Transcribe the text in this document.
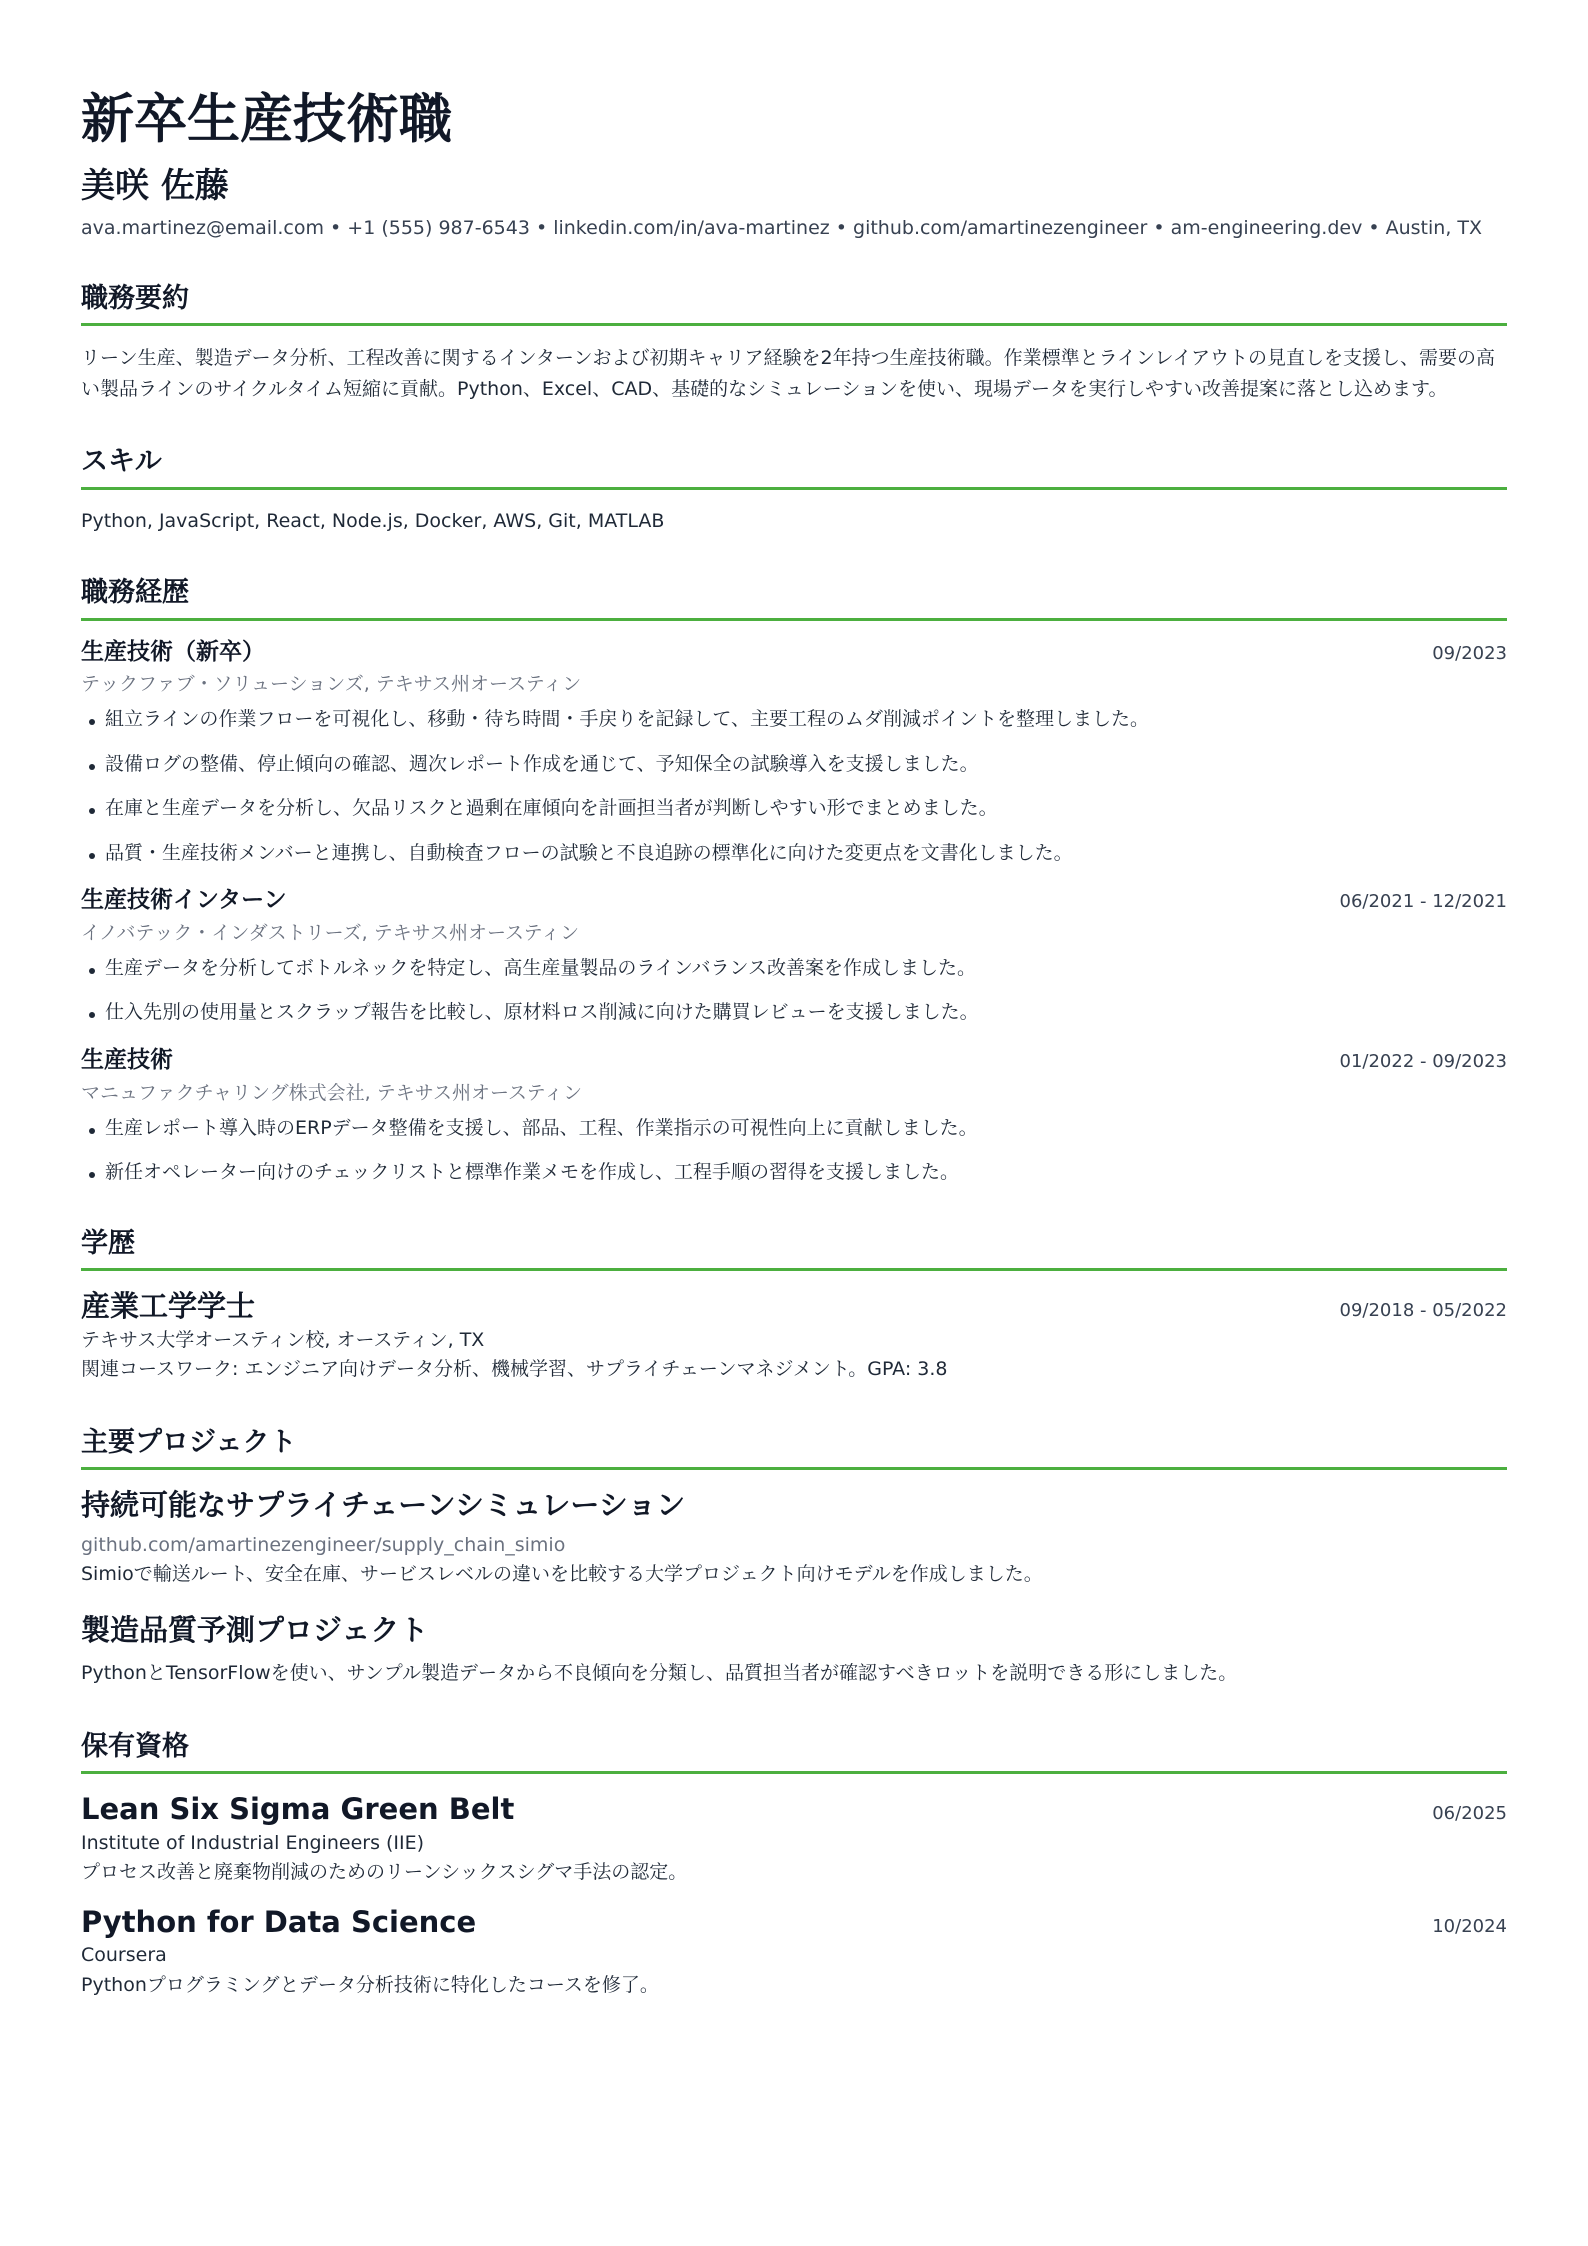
新卒生産技術職
美咲 佐藤
ava.martinez@email.com • +1 (555) 987-6543 • linkedin.com/in/ava-martinez • github.com/amartinezengineer • am-engineering.dev • Austin, TX
職務要約

リーン生産、製造データ分析、工程改善に関するインターンおよび初期キャリア経験を2年持つ生産技術職。作業標準とラインレイアウトの見直しを支援し、需要の高い製品ラインのサイクルタイム短縮に貢献。Python、Excel、CAD、基礎的なシミュレーションを使い、現場データを実行しやすい改善提案に落とし込めます。

スキル

Python, JavaScript, React, Node.js, Docker, AWS, Git, MATLAB

職務経歴
生産技術（新卒）	09/2023
テックファブ・ソリューションズ, テキサス州オースティン
組立ラインの作業フローを可視化し、移動・待ち時間・手戻りを記録して、主要工程のムダ削減ポイントを整理しました。
設備ログの整備、停止傾向の確認、週次レポート作成を通じて、予知保全の試験導入を支援しました。
在庫と生産データを分析し、欠品リスクと過剰在庫傾向を計画担当者が判断しやすい形でまとめました。
品質・生産技術メンバーと連携し、自動検査フローの試験と不良追跡の標準化に向けた変更点を文書化しました。
生産技術インターン	06/2021 - 12/2021
イノバテック・インダストリーズ, テキサス州オースティン
生産データを分析してボトルネックを特定し、高生産量製品のラインバランス改善案を作成しました。
仕入先別の使用量とスクラップ報告を比較し、原材料ロス削減に向けた購買レビューを支援しました。
生産技術	01/2022 - 09/2023
マニュファクチャリング株式会社, テキサス州オースティン
生産レポート導入時のERPデータ整備を支援し、部品、工程、作業指示の可視性向上に貢献しました。
新任オペレーター向けのチェックリストと標準作業メモを作成し、工程手順の習得を支援しました。
学歴
産業工学学士	09/2018 - 05/2022
テキサス大学オースティン校, オースティン, TX
関連コースワーク: エンジニア向けデータ分析、機械学習、サプライチェーンマネジメント。GPA: 3.8
主要プロジェクト
持続可能なサプライチェーンシミュレーション
github.com/amartinezengineer/supply_chain_simio
Simioで輸送ルート、安全在庫、サービスレベルの違いを比較する大学プロジェクト向けモデルを作成しました。
製造品質予測プロジェクト
PythonとTensorFlowを使い、サンプル製造データから不良傾向を分類し、品質担当者が確認すべきロットを説明できる形にしました。
保有資格
Lean Six Sigma Green Belt	06/2025
Institute of Industrial Engineers (IIE)
プロセス改善と廃棄物削減のためのリーンシックスシグマ手法の認定。
Python for Data Science	10/2024
Coursera
Pythonプログラミングとデータ分析技術に特化したコースを修了。
